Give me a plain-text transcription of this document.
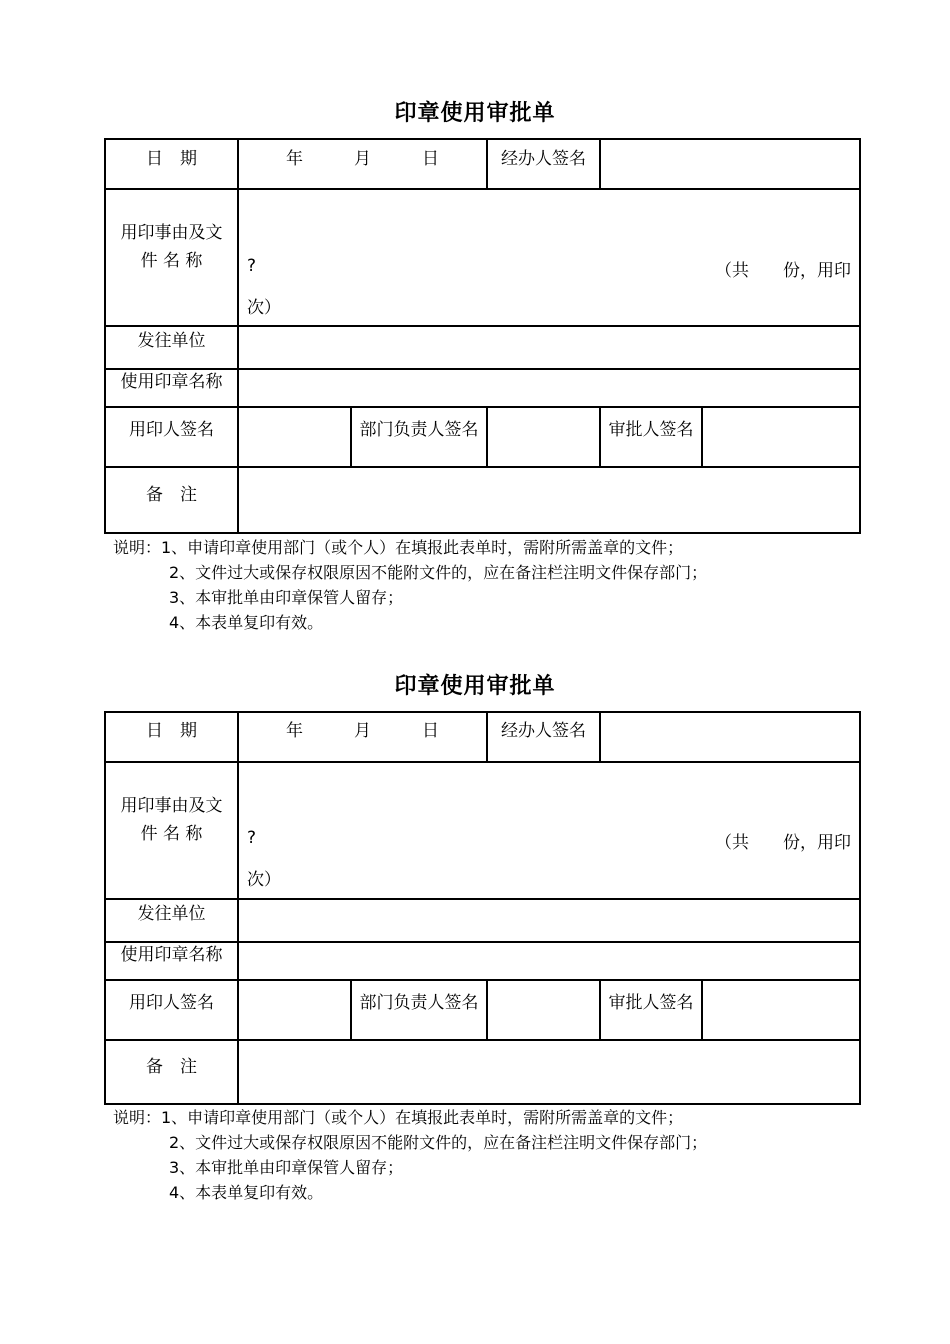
印章使用审批单
日　期	年　　　月　　　日	经办人签名
用印事由及文
件 名 称	?	（共　　份，用印
次）
发往单位
使用印章名称
用印人签名	部门负责人签名	审批人签名
备　注
说明：1、申请印章使用部门（或个人）在填报此表单时，需附所需盖章的文件；
2、文件过大或保存权限原因不能附文件的，应在备注栏注明文件保存部门；
3、本审批单由印章保管人留存；
4、本表单复印有效。
印章使用审批单
日　期	年　　　月　　　日	经办人签名
用印事由及文
件 名 称	?	（共　　份，用印
次）
发往单位
使用印章名称
用印人签名	部门负责人签名	审批人签名
备　注
说明：1、申请印章使用部门（或个人）在填报此表单时，需附所需盖章的文件；
2、文件过大或保存权限原因不能附文件的，应在备注栏注明文件保存部门；
3、本审批单由印章保管人留存；
4、本表单复印有效。
